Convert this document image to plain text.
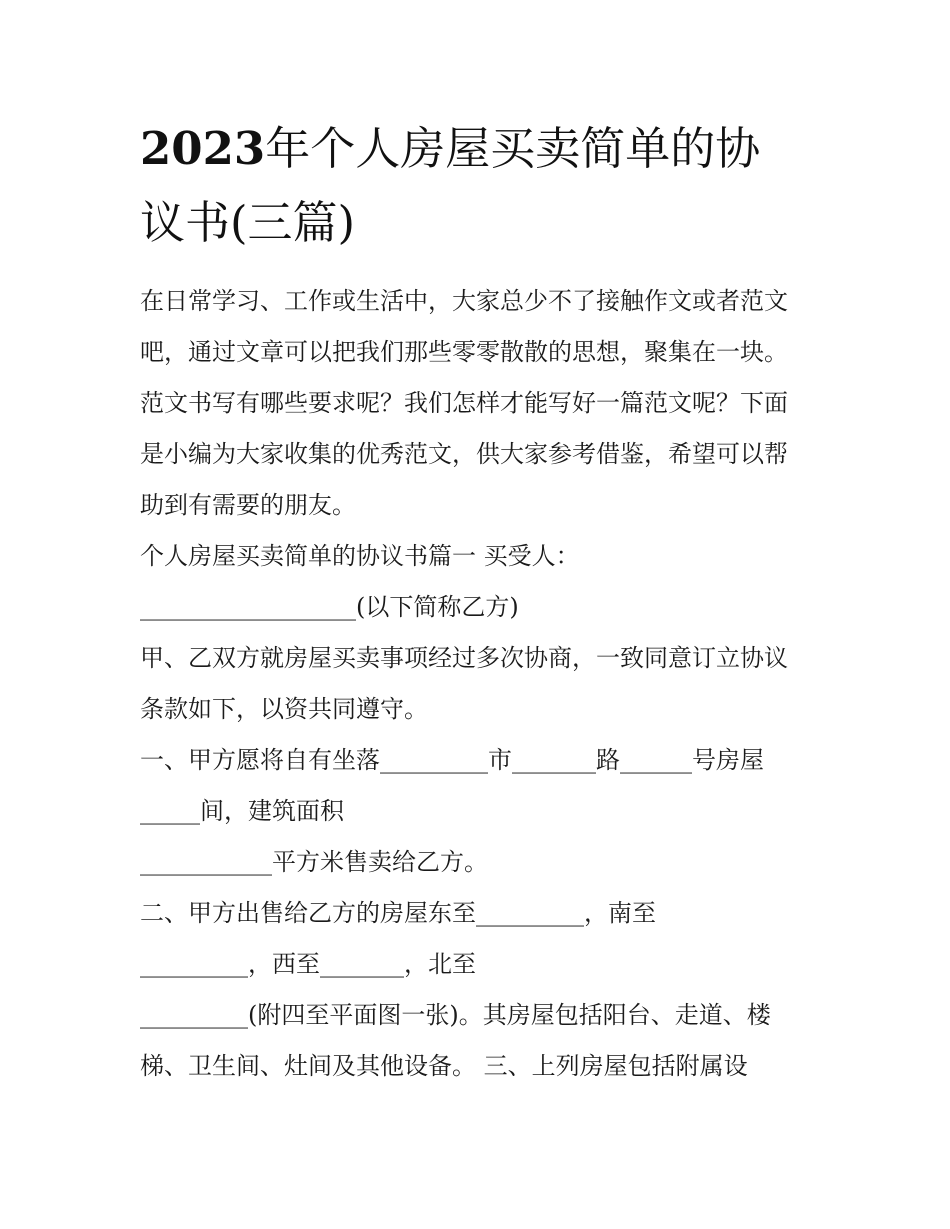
2023年个人房屋买卖简单的协
议书(三篇)

在日常学习、工作或生活中，大家总少不了接触作文或者范文

吧，通过文章可以把我们那些零零散散的思想，聚集在一块。

范文书写有哪些要求呢？我们怎样才能写好一篇范文呢？下面

是小编为大家收集的优秀范文，供大家参考借鉴，希望可以帮

助到有需要的朋友。

个人房屋买卖简单的协议书篇一 买受人：

__________________(以下简称乙方)

甲、乙双方就房屋买卖事项经过多次协商，一致同意订立协议

条款如下，以资共同遵守。

一、甲方愿将自有坐落_________市_______路______号房屋

_____间，建筑面积

___________平方米售卖给乙方。

二、甲方出售给乙方的房屋东至_________，南至

_________，西至_______，北至

_________(附四至平面图一张)。其房屋包括阳台、走道、楼

梯、卫生间、灶间及其他设备。 三、上列房屋包括附属设
